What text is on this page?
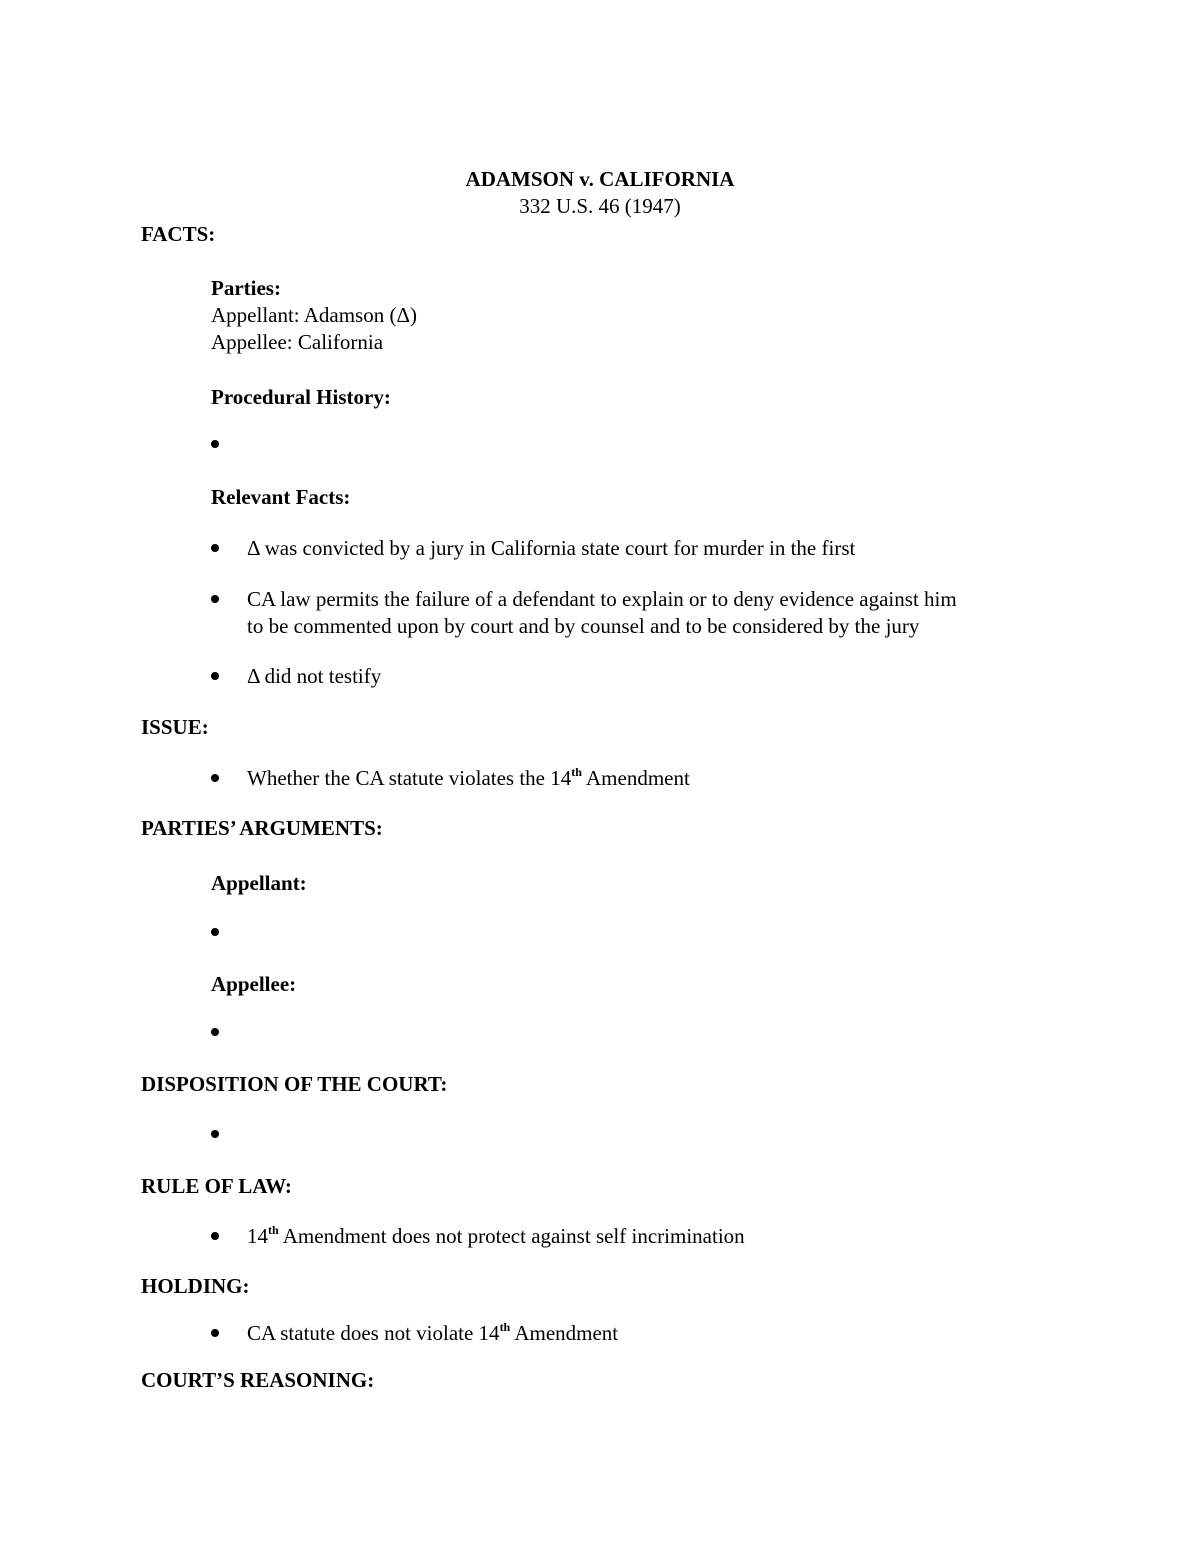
ADAMSON v. CALIFORNIA
332 U.S. 46 (1947)
FACTS:
Parties:
Appellant: Adamson (Δ)
Appellee: California
Procedural History:
Relevant Facts:
Δ was convicted by a jury in California state court for murder in the first
CA law permits the failure of a defendant to explain or to deny evidence against him
to be commented upon by court and by counsel and to be considered by the jury
Δ did not testify
ISSUE:
Whether the CA statute violates the 14th Amendment
PARTIES’ ARGUMENTS:
Appellant:
Appellee:
DISPOSITION OF THE COURT:
RULE OF LAW:
14th Amendment does not protect against self incrimination
HOLDING:
CA statute does not violate 14th Amendment
COURT’S REASONING:
